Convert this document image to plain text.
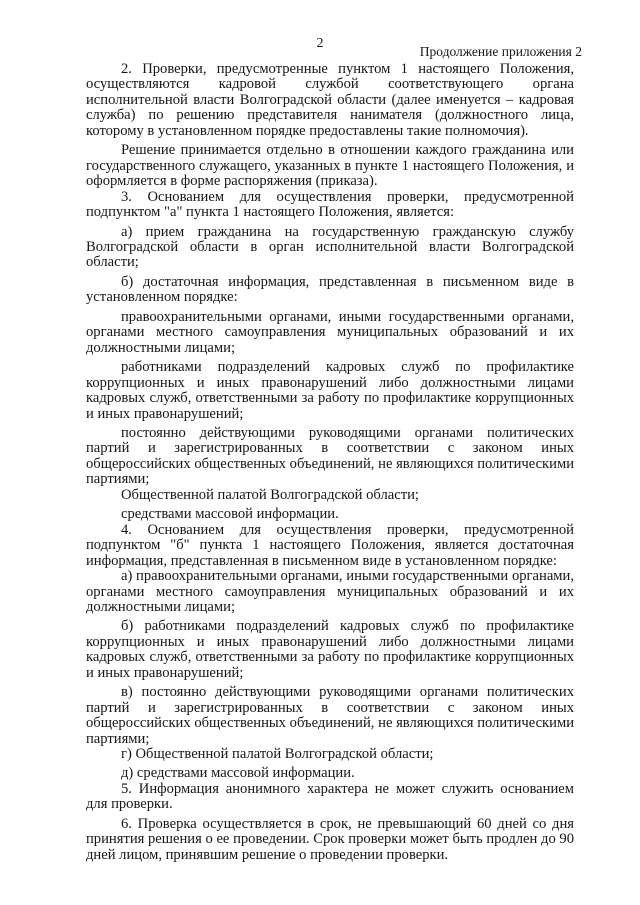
2
Продолжение приложения 2

2. Проверки, предусмотренные пунктом 1 настоящего Положения, осуществляются кадровой службой соответствующего органа исполнительной власти Волгоградской области (далее именуется – кадровая служба) по решению представителя нанимателя (должностного лица, которому в установленном порядке предоставлены такие полномочия).

Решение принимается отдельно в отношении каждого гражданина или государственного служащего, указанных в пункте 1 настоящего Положения, и оформляется в форме распоряжения (приказа).

3. Основанием для осуществления проверки, предусмотренной подпунктом "а" пункта 1 настоящего Положения, является:

а) прием гражданина на государственную гражданскую службу Волгоградской области в орган исполнительной власти Волгоградской области;

б) достаточная информация, представленная в письменном виде в установленном порядке:

правоохранительными органами, иными государственными органами, органами местного самоуправления муниципальных образований и их должностными лицами;

работниками подразделений кадровых служб по профилактике коррупционных и иных правонарушений либо должностными лицами кадровых служб, ответственными за работу по профилактике коррупционных и иных правонарушений;

постоянно действующими руководящими органами политических партий и зарегистрированных в соответствии с законом иных общероссийских общественных объединений, не являющихся политическими партиями;

Общественной палатой Волгоградской области;

средствами массовой информации.

4. Основанием для осуществления проверки, предусмотренной подпунктом "б" пункта 1 настоящего Положения, является достаточная информация, представленная в письменном виде в установленном порядке:

а) правоохранительными органами, иными государственными органами, органами местного самоуправления муниципальных образований и их должностными лицами;

б) работниками подразделений кадровых служб по профилактике коррупционных и иных правонарушений либо должностными лицами кадровых служб, ответственными за работу по профилактике коррупционных и иных правонарушений;

в) постоянно действующими руководящими органами политических партий и зарегистрированных в соответствии с законом иных общероссийских общественных объединений, не являющихся политическими партиями;

г) Общественной палатой Волгоградской области;

д) средствами массовой информации.

5. Информация анонимного характера не может служить основанием для проверки.

6. Проверка осуществляется в срок, не превышающий 60 дней со дня принятия решения о ее проведении. Срок проверки может быть продлен до 90 дней лицом, принявшим решение о проведении проверки.
